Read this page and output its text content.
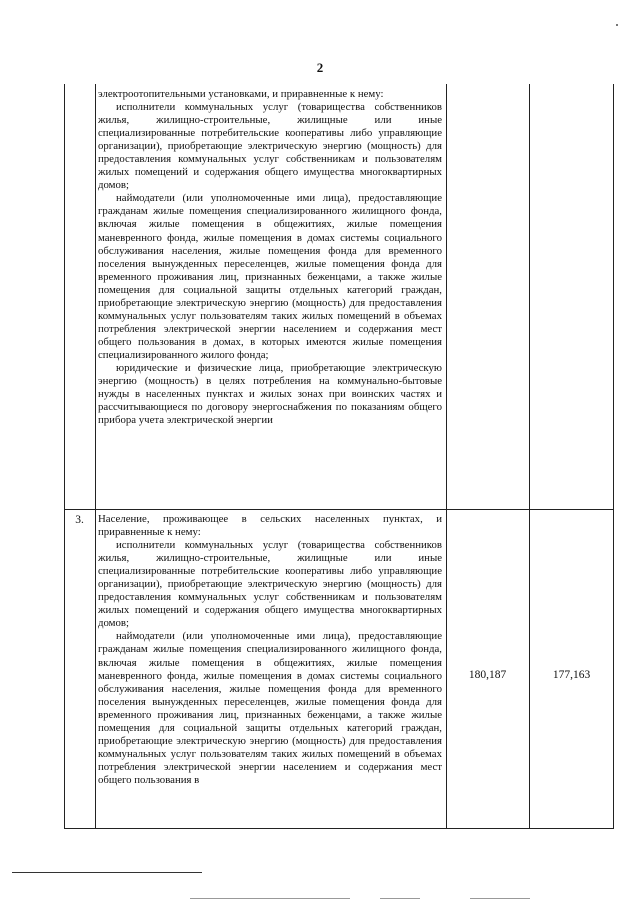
2

электроотопительными установками, и приравненные к нему:

исполнители коммунальных услуг (товарищества собственников жилья, жилищно-строительные, жилищные или иные специализированные потребительские кооперативы либо управляющие организации), приобретающие электрическую энергию (мощность) для предоставления коммунальных услуг собственникам и пользователям жилых помещений и содержания общего имущества многоквартирных домов;

наймодатели (или уполномоченные ими лица), предоставляющие гражданам жилые помещения специализированного жилищного фонда, включая жилые помещения в общежитиях, жилые помещения маневренного фонда, жилые помещения в домах системы социального обслуживания населения, жилые помещения фонда для временного поселения вынужденных переселенцев, жилые помещения фонда для временного проживания лиц, признанных беженцами, а также жилые помещения для социальной защиты отдельных категорий граждан, приобретающие электрическую энергию (мощность) для предоставления коммунальных услуг пользователям таких жилых помещений в объемах потребления электрической энергии населением и содержания мест общего пользования в домах, в которых имеются жилые помещения специализированного жилого фонда;

юридические и физические лица, приобретающие электрическую энергию (мощность) в целях потребления на коммунально-бытовые нужды в населенных пунктах и жилых зонах при воинских частях и рассчитывающиеся по договору энергоснабжения по показаниям общего прибора учета электрической энергии

3.	Население, проживающее в сельских населенных пунктах, и приравненные к нему:

исполнители коммунальных услуг (товарищества собственников жилья, жилищно-строительные, жилищные или иные специализированные потребительские кооперативы либо управляющие организации), приобретающие электрическую энергию (мощность) для предоставления коммунальных услуг собственникам и пользователям жилых помещений и содержания общего имущества многоквартирных домов;

наймодатели (или уполномоченные ими лица), предоставляющие гражданам жилые помещения специализированного жилищного фонда, включая жилые помещения в общежитиях, жилые помещения маневренного фонда, жилые помещения в домах системы социального обслуживания населения, жилые помещения фонда для временного поселения вынужденных переселенцев, жилые помещения фонда для временного проживания лиц, признанных беженцами, а также жилые помещения для социальной защиты отдельных категорий граждан, приобретающие электрическую энергию (мощность) для предоставления коммунальных услуг пользователям таких жилых помещений в объемах потребления электрической энергии населением и содержания мест общего пользования в

180,187	177,163
